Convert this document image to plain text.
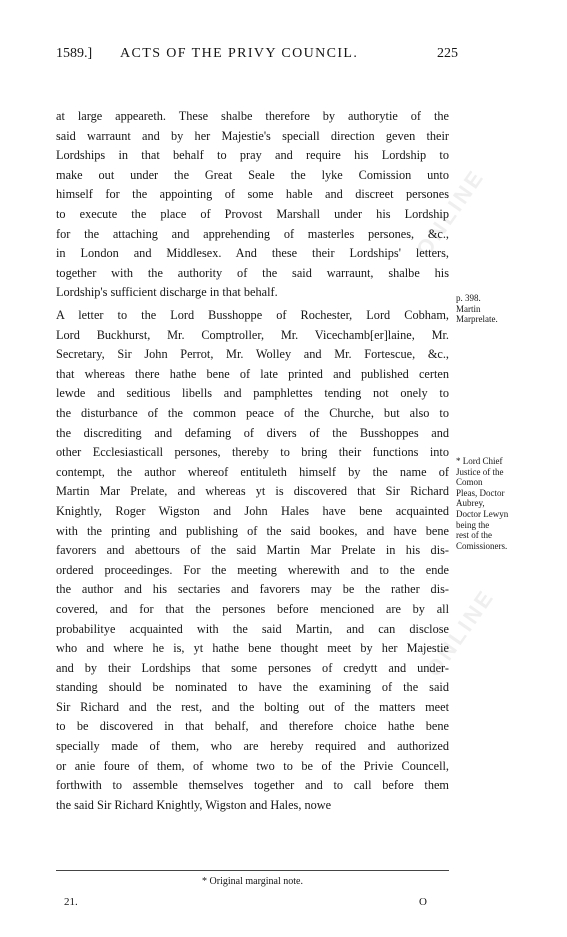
ONLINE
ONLINE
1589.] ACTS OF THE PRIVY COUNCIL.	225
at large appeareth. These shalbe therefore by authorytie of the
said warraunt and by her Majestie's speciall direction geven their
Lordships in that behalf to pray and require his Lordship to
make out under the Great Seale the lyke Comission unto
himself for the appointing of some hable and discreet persones
to execute the place of Provost Marshall under his Lordship
for the attaching and apprehending of masterles persones, &c.,
in London and Middlesex. And these their Lordships' letters,
together with the authority of the said warraunt, shalbe his
Lordship's sufficient discharge in that behalf.
A letter to the Lord Busshoppe of Rochester, Lord Cobham,
Lord Buckhurst, Mr. Comptroller, Mr. Vicechamb[er]laine, Mr.
Secretary, Sir John Perrot, Mr. Wolley and Mr. Fortescue, &c.,
that whereas there hathe bene of late printed and published certen
lewde and seditious libells and pamphlettes tending not onely to
the disturbance of the common peace of the Churche, but also to
the discrediting and defaming of divers of the Busshoppes and
other Ecclesiasticall persones, thereby to bring their functions into
contempt, the author whereof entituleth himself by the name of
Martin Mar Prelate, and whereas yt is discovered that Sir Richard
Knightly, Roger Wigston and John Hales have bene acquainted
with the printing and publishing of the said bookes, and have bene
favorers and abettours of the said Martin Mar Prelate in his dis-
ordered proceedinges. For the meeting wherewith and to the ende
the author and his sectaries and favorers may be the rather dis-
covered, and for that the persones before mencioned are by all
probabilitye acquainted with the said Martin, and can disclose
who and where he is, yt hathe bene thought meet by her Majestie
and by their Lordships that some persones of credytt and under-
standing should be nominated to have the examining of the said
Sir Richard and the rest, and the bolting out of the matters meet
to be discovered in that behalf, and therefore choice hathe bene
specially made of them, who are hereby required and authorized
or anie foure of them, of whome two to be of the Privie Councell,
forthwith to assemble themselves together and to call before them
the said Sir Richard Knightly, Wigston and Hales, nowe
p. 398.
Martin
Marprelate.
* Lord Chief
Justice of the
Comon
Pleas, Doctor
Aubrey,
Doctor Lewyn
being the
rest of the
Comissioners.
* Original marginal note.
21.	O
